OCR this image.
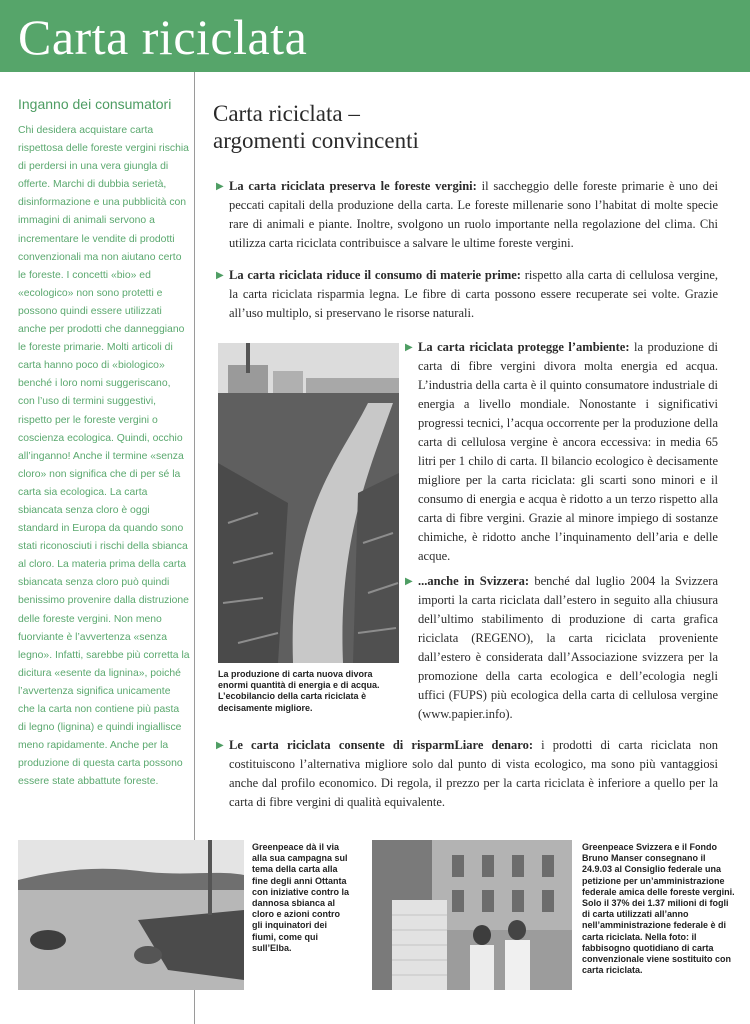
Carta riciclata
Inganno dei consumatori

Chi desidera acquistare carta rispettosa delle foreste vergini rischia di perdersi in una vera giungla di offerte. Marchi di dubbia serietà, disinformazione e una pubblicità con immagini di animali servono a incrementare le vendite di prodotti convenzionali ma non aiutano certo le foreste. I concetti «bio» ed «ecologico» non sono protetti e possono quindi essere utilizzati anche per prodotti che danneggiano le foreste primarie. Molti articoli di carta hanno poco di «biologico» benché i loro nomi suggeriscano, con l’uso di termini suggestivi, rispetto per le foreste vergini o coscienza ecologica. Quindi, occhio all’inganno! Anche il termine «senza cloro» non significa che di per sé la carta sia ecologica. La carta sbiancata senza cloro è oggi standard in Europa da quando sono stati riconosciuti i rischi della sbianca al cloro. La materia prima della carta sbiancata senza cloro può quindi benissimo provenire dalla distruzione delle foreste vergini. Non meno fuorviante è l’avvertenza «senza legno». Infatti, sarebbe più corretta la dicitura «esente da lignina», poiché l’avvertenza significa unicamente che la carta non contiene più pasta di legno (lignina) e quindi ingiallisce meno rapidamente. Anche per la produzione di questa carta possono essere state abbattute foreste.

Carta riciclata –
argomenti convincenti

▶ La carta riciclata preserva le foreste vergini: il saccheggio delle foreste primarie è uno dei peccati capitali della produzione della carta. Le foreste millenarie sono l’habitat di molte specie rare di animali e piante. Inoltre, svolgono un ruolo importante nella regolazione del clima. Chi utilizza carta riciclata contribuisce a salvare le ultime foreste vergini.

▶ La carta riciclata riduce il consumo di materie prime: rispetto alla carta di cellulosa vergine, la carta riciclata risparmia legna. Le fibre di carta possono essere recuperate sei volte. Grazie all’uso multiplo, si preservano le risorse naturali.

La produzione di carta nuova divora enormi quantità di energia e di acqua. L’ecobilancio della carta riciclata è decisamente migliore.

▶ La carta riciclata protegge l’ambiente: la produzione di carta di fibre vergini divora molta energia ed acqua. L’industria della carta è il quinto consumatore industriale di energia a livello mondiale. Nonostante i significativi progressi tecnici, l’acqua occorrente per la produzione della carta di cellulosa vergine è ancora eccessiva: in media 65 litri per 1 chilo di carta. Il bilancio ecologico è decisamente migliore per la carta riciclata: gli scarti sono minori e il consumo di energia e acqua è ridotto a un terzo rispetto alla carta di fibre vergini. Grazie al minore impiego di sostanze chimiche, è ridotto anche l’inquinamento dell’aria e delle acque.

▶ ...anche in Svizzera: benché dal luglio 2004 la Svizzera importi la carta riciclata dall’estero in seguito alla chiusura dell’ultimo stabilimento di produzione di carta grafica riciclata (REGENO), la carta riciclata proveniente dall’estero è considerata dall’Associazione svizzera per la promozione della carta ecologica e dell’ecologia negli uffici (FUPS) più ecologica della carta di cellulosa vergine (www.papier.info).

▶ Le carta riciclata consente di risparmLiare denaro: i prodotti di carta riciclata non costituiscono l’alternativa migliore solo dal punto di vista ecologico, ma sono più vantaggiosi anche dal profilo economico. Di regola, il prezzo per la carta riciclata è inferiore a quello per la carta di fibre vergini di qualità equivalente.

Greenpeace dà il via alla sua campagna sul tema della carta alla fine degli anni Ottanta con iniziative contro la dannosa sbianca al cloro e azioni contro gli inquinatori dei fiumi, come qui sull’Elba.

Greenpeace Svizzera e il Fondo Bruno Manser consegnano il 24.9.03 al Consiglio federale una petizione per un’amministrazione federale amica delle foreste vergini. Solo il 37% dei 1.37 milioni di fogli di carta utilizzati all’anno nell’amministrazione federale è di carta riciclata. Nella foto: il fabbisogno quotidiano di carta convenzionale viene sostituito con carta riciclata.
